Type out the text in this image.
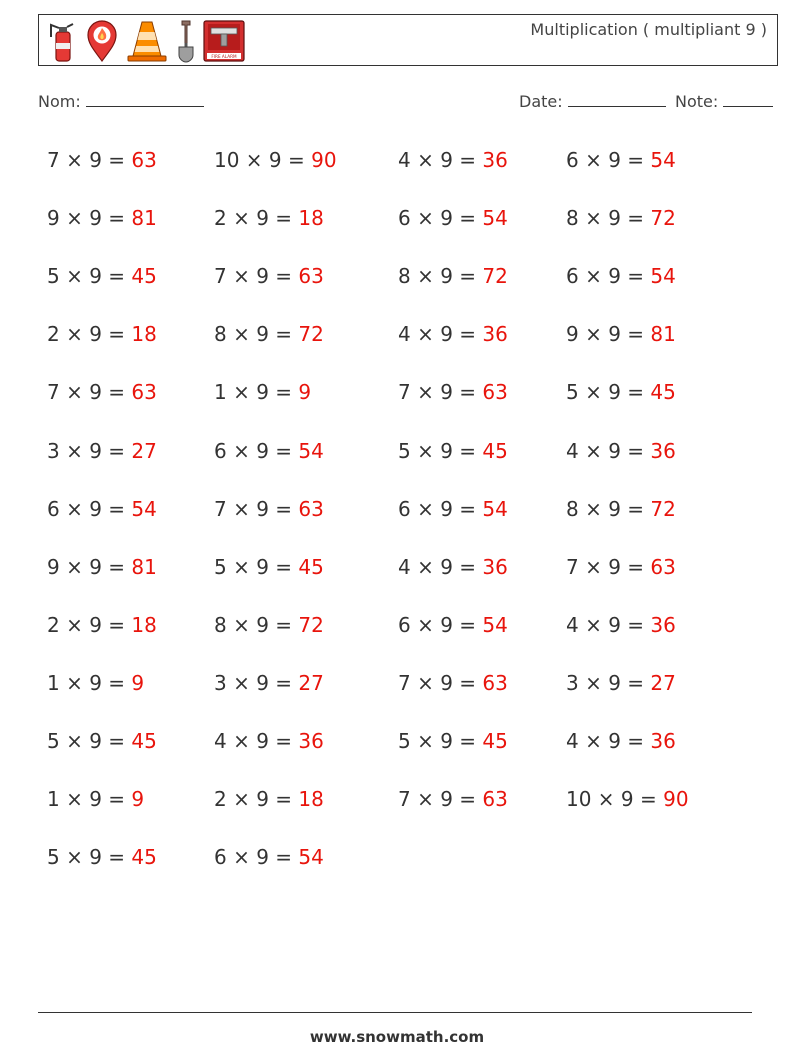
FIRE ALARM
Multiplication ( multipliant 9 )
Nom:	Date:	Note:
7 × 9 = 63
9 × 9 = 81
5 × 9 = 45
2 × 9 = 18
7 × 9 = 63
3 × 9 = 27
6 × 9 = 54
9 × 9 = 81
2 × 9 = 18
1 × 9 = 9
5 × 9 = 45
1 × 9 = 9
5 × 9 = 45
10 × 9 = 90
2 × 9 = 18
7 × 9 = 63
8 × 9 = 72
1 × 9 = 9
6 × 9 = 54
7 × 9 = 63
5 × 9 = 45
8 × 9 = 72
3 × 9 = 27
4 × 9 = 36
2 × 9 = 18
6 × 9 = 54
4 × 9 = 36
6 × 9 = 54
8 × 9 = 72
4 × 9 = 36
7 × 9 = 63
5 × 9 = 45
6 × 9 = 54
4 × 9 = 36
6 × 9 = 54
7 × 9 = 63
5 × 9 = 45
7 × 9 = 63
6 × 9 = 54
8 × 9 = 72
6 × 9 = 54
9 × 9 = 81
5 × 9 = 45
4 × 9 = 36
8 × 9 = 72
7 × 9 = 63
4 × 9 = 36
3 × 9 = 27
4 × 9 = 36
10 × 9 = 90
www.snowmath.com
